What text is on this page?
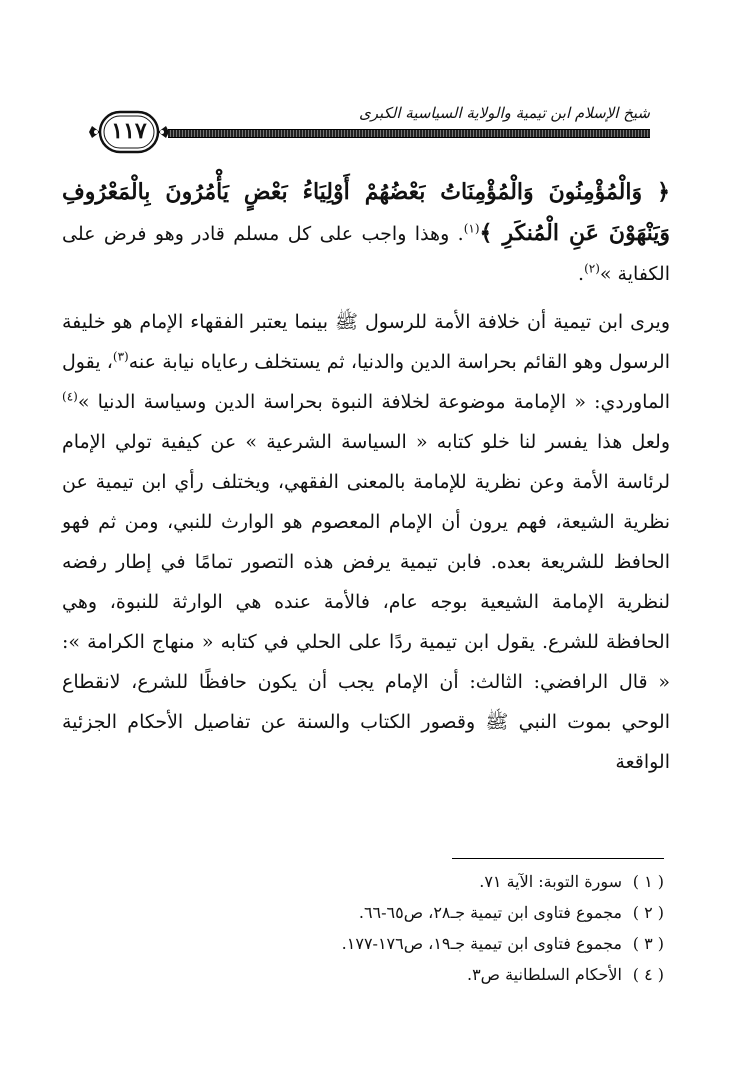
شيخ الإسلام ابن تيمية والولاية السياسية الكبرى
١١٧

﴿ وَالْمُؤْمِنُونَ وَالْمُؤْمِنَاتُ بَعْضُهُمْ أَوْلِيَاءُ بَعْضٍ يَأْمُرُونَ بِالْمَعْرُوفِ وَيَنْهَوْنَ عَنِ الْمُنكَرِ ﴾$^{(١)}$. وهذا واجب على كل مسلم قادر وهو فرض على الكفاية »$^{(٢)}$.

ويرى ابن تيمية أن خلافة الأمة للرسول ﷺ بينما يعتبر الفقهاء الإمام هو خليفة الرسول وهو القائم بحراسة الدين والدنيا، ثم يستخلف رعاياه نيابة عنه$^{(٣)}$، يقول الماوردي: « الإمامة موضوعة لخلافة النبوة بحراسة الدين وسياسة الدنيا »$^{(٤)}$ ولعل هذا يفسر لنا خلو كتابه « السياسة الشرعية » عن كيفية تولي الإمام لرئاسة الأمة وعن نظرية للإمامة بالمعنى الفقهي، ويختلف رأي ابن تيمية عن نظرية الشيعة، فهم يرون أن الإمام المعصوم هو الوارث للنبي، ومن ثم فهو الحافظ للشريعة بعده. فابن تيمية يرفض هذه التصور تمامًا في إطار رفضه لنظرية الإمامة الشيعية بوجه عام، فالأمة عنده هي الوارثة للنبوة، وهي الحافظة للشرع. يقول ابن تيمية ردًا على الحلي في كتابه « منهاج الكرامة »: « قال الرافضي: الثالث: أن الإمام يجب أن يكون حافظًا للشرع، لانقطاع الوحي بموت النبي ﷺ وقصور الكتاب والسنة عن تفاصيل الأحكام الجزئية الواقعة

( ١ )
سورة التوبة: الآية ٧١.
( ٢ )
مجموع فتاوى ابن تيمية جـ٢٨، ص٦٥-٦٦.
( ٣ )
مجموع فتاوى ابن تيمية جـ١٩، ص١٧٦-١٧٧.
( ٤ )
الأحكام السلطانية ص٣.
